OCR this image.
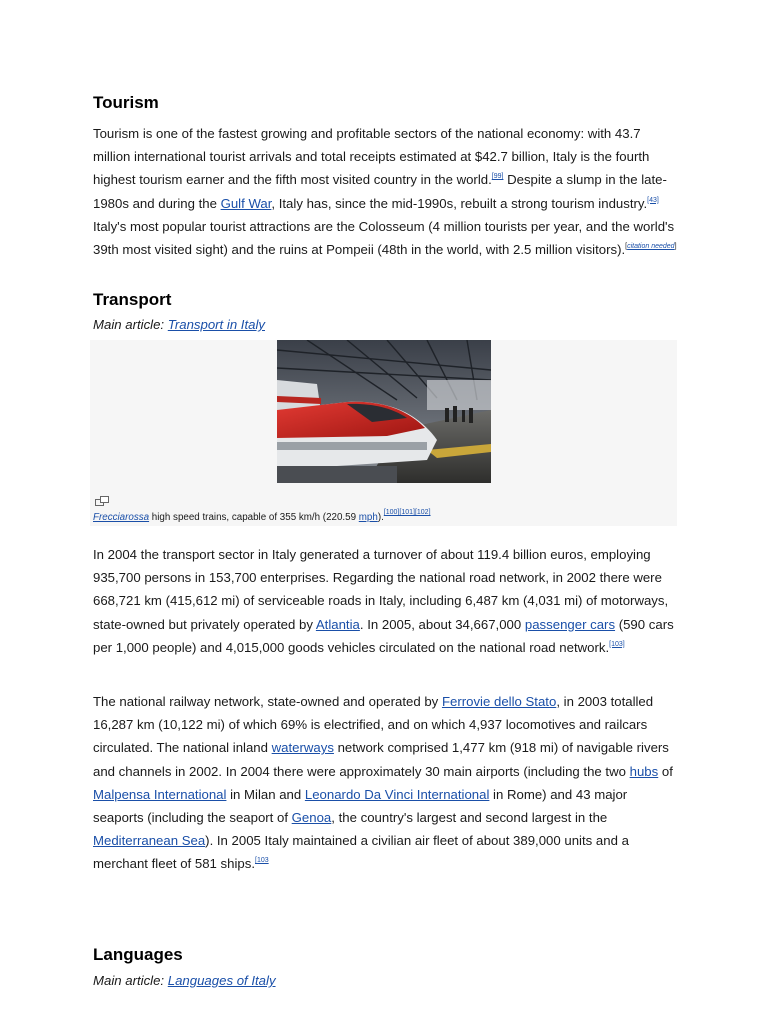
Tourism

Tourism is one of the fastest growing and profitable sectors of the national economy: with 43.7 million international tourist arrivals and total receipts estimated at $42.7 billion, Italy is the fourth highest tourism earner and the fifth most visited country in the world.[99] Despite a slump in the late-1980s and during the Gulf War, Italy has, since the mid-1990s, rebuilt a strong tourism industry.[43] Italy's most popular tourist attractions are the Colosseum (4 million tourists per year, and the world's 39th most visited sight) and the ruins at Pompeii (48th in the world, with 2.5 million visitors).[citation needed]

Transport

Main article: Transport in Italy

Frecciarossa high speed trains, capable of 355 km/h (220.59 mph).[100][101][102]

In 2004 the transport sector in Italy generated a turnover of about 119.4 billion euros, employing 935,700 persons in 153,700 enterprises. Regarding the national road network, in 2002 there were 668,721 km (415,612 mi) of serviceable roads in Italy, including 6,487 km (4,031 mi) of motorways, state-owned but privately operated by Atlantia. In 2005, about 34,667,000 passenger cars (590 cars per 1,000 people) and 4,015,000 goods vehicles circulated on the national road network.[103]

The national railway network, state-owned and operated by Ferrovie dello Stato, in 2003 totalled 16,287 km (10,122 mi) of which 69% is electrified, and on which 4,937 locomotives and railcars circulated. The national inland waterways network comprised 1,477 km (918 mi) of navigable rivers and channels in 2002. In 2004 there were approximately 30 main airports (including the two hubs of Malpensa International in Milan and Leonardo Da Vinci International in Rome) and 43 major seaports (including the seaport of Genoa, the country's largest and second largest in the Mediterranean Sea). In 2005 Italy maintained a civilian air fleet of about 389,000 units and a merchant fleet of 581 ships.$^{[103}$

Languages

Main article: Languages of Italy
